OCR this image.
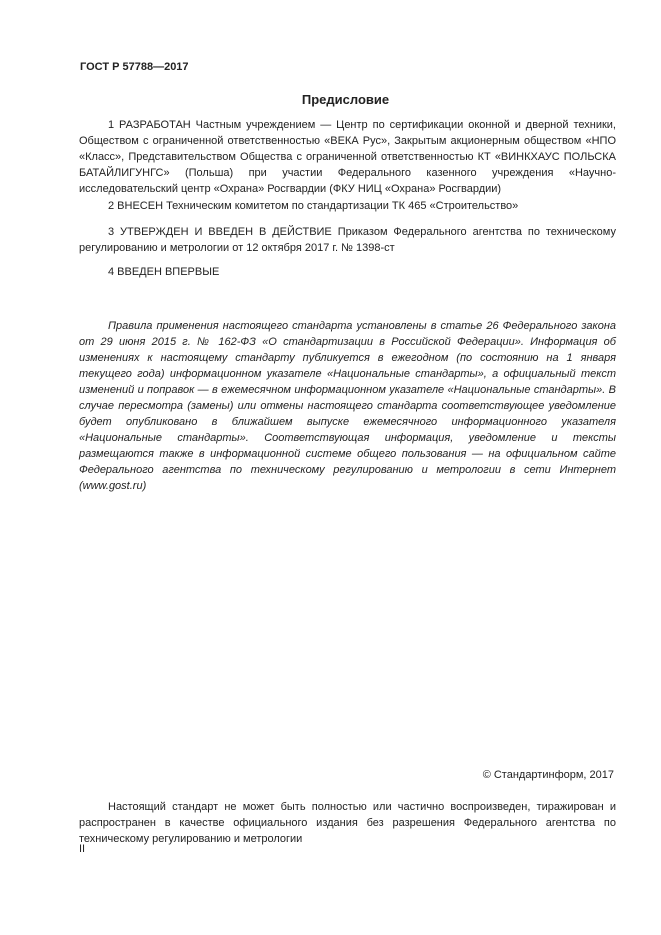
ГОСТ Р 57788—2017
Предисловие

1 РАЗРАБОТАН Частным учреждением — Центр по сертификации оконной и дверной техники, Обществом с ограниченной ответственностью «ВЕКА Рус», Закрытым акционерным обществом «НПО «Класс», Представительством Общества с ограниченной ответственностью КТ «ВИНКХАУС ПОЛЬСКА БАТАЙЛИГУНГС» (Польша) при участии Федерального казенного учреждения «Научно-исследовательский центр «Охрана» Росгвардии (ФКУ НИЦ «Охрана» Росгвардии)

2 ВНЕСЕН Техническим комитетом по стандартизации ТК 465 «Строительство»

3 УТВЕРЖДЕН И ВВЕДЕН В ДЕЙСТВИЕ Приказом Федерального агентства по техническому регулированию и метрологии от 12 октября 2017 г. № 1398-ст

4 ВВЕДЕН ВПЕРВЫЕ

Правила применения настоящего стандарта установлены в статье 26 Федерального закона от 29 июня 2015 г. № 162-ФЗ «О стандартизации в Российской Федерации». Информация об изменениях к настоящему стандарту публикуется в ежегодном (по состоянию на 1 января текущего года) информационном указателе «Национальные стандарты», а официальный текст изменений и поправок — в ежемесячном информационном указателе «Национальные стандарты». В случае пересмотра (замены) или отмены настоящего стандарта соответствующее уведомление будет опубликовано в ближайшем выпуске ежемесячного информационного указателя «Национальные стандарты». Соответствующая информация, уведомление и тексты размещаются также в информационной системе общего пользования — на официальном сайте Федерального агентства по техническому регулированию и метрологии в сети Интернет (www.gost.ru)

© Стандартинформ, 2017

Настоящий стандарт не может быть полностью или частично воспроизведен, тиражирован и распространен в качестве официального издания без разрешения Федерального агентства по техническому регулированию и метрологии

II
